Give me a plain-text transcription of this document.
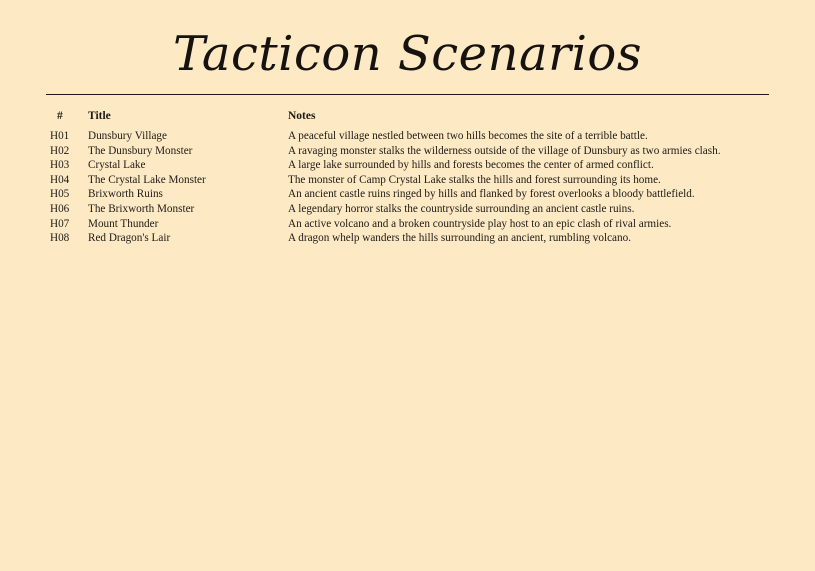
Tacticon Scenarios
# Title	Notes
H01 Dunsbury Village	A peaceful village nestled between two hills becomes the site of a terrible battle.
H02 The Dunsbury Monster	A ravaging monster stalks the wilderness outside of the village of Dunsbury as two armies clash.
H03 Crystal Lake	A large lake surrounded by hills and forests becomes the center of armed conflict.
H04 The Crystal Lake Monster	The monster of Camp Crystal Lake stalks the hills and forest surrounding its home.
H05 Brixworth Ruins	An ancient castle ruins ringed by hills and flanked by forest overlooks a bloody battlefield.
H06 The Brixworth Monster	A legendary horror stalks the countryside surrounding an ancient castle ruins.
H07 Mount Thunder	An active volcano and a broken countryside play host to an epic clash of rival armies.
H08 Red Dragon's Lair	A dragon whelp wanders the hills surrounding an ancient, rumbling volcano.
